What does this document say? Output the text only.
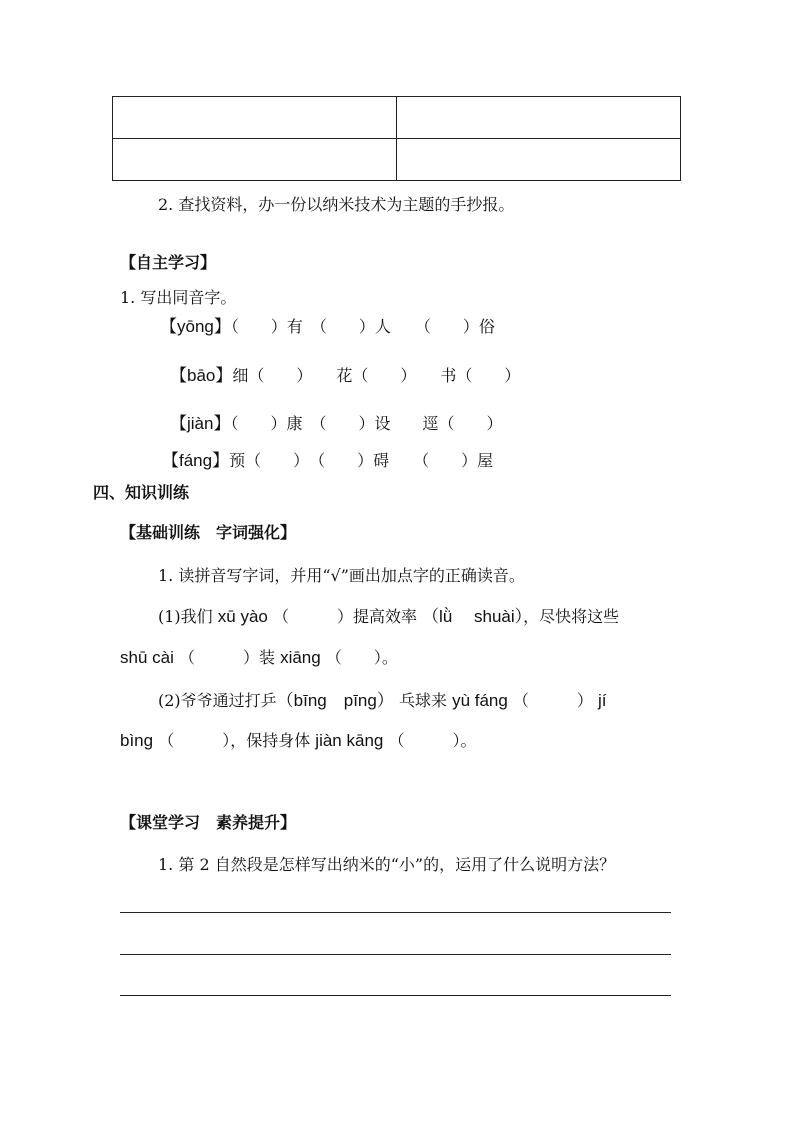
2. 查找资料，办一份以纳米技术为主题的手抄报。
【自主学习】
1. 写出同音字。
【yōng】（　　）有　（　　）人　　（　　）俗
【bāo】细（　　）　　花（　　）　　书（　　）
【jiàn】（　　）康　（　　）设　　逕（　　）
【fáng】预（　　）　（　　）碍　　（　　）屋
四、知识训练
【基础训练　字词强化】
1. 读拼音写字词，并用“√”画出加点字的正确读音。
(1)我们 xū yào （　　　）提高效率 （lǜ　 shuài），尽快将这些
shū cài （　　　）装 xiāng （　　）。
(2)爷爷通过打乒（bīng　pīng） 乓球来 yù fáng （　　　） jí
bìng （　　　），保持身体 jiàn kāng （　　　）。
【课堂学习　素养提升】
1. 第 2 自然段是怎样写出纳米的“小”的，运用了什么说明方法？
